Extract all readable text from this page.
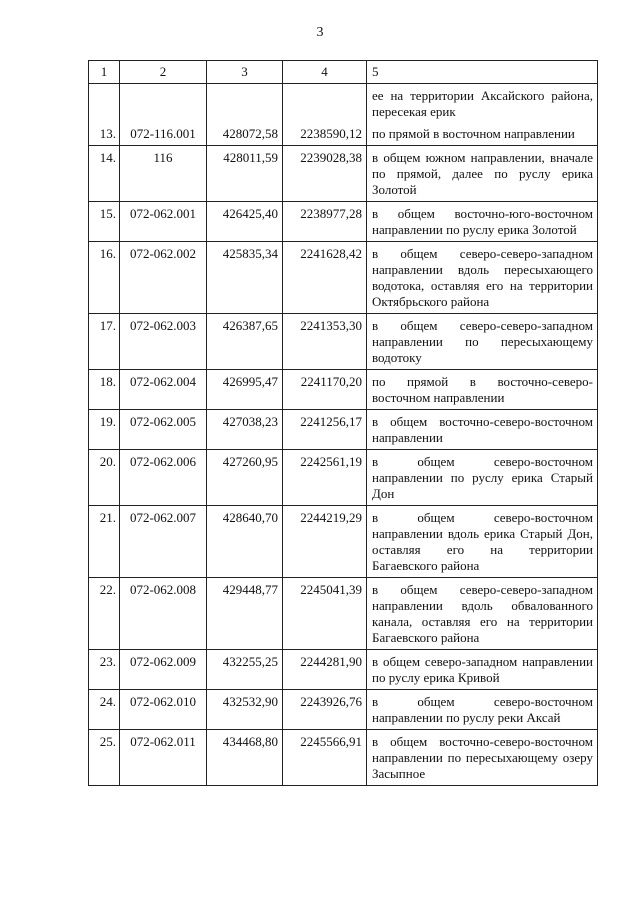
3
1	2	3	4	5
				ее на территории Аксайского района, пересекая ерик
13.	072-116.001	428072,58	2238590,12	по прямой в восточном направлении
14.	116	428011,59	2239028,38	в общем южном направлении, вначале по прямой, далее по руслу ерика Золотой
15.	072-062.001	426425,40	2238977,28	в общем восточно-юго-восточном направлении по руслу ерика Золотой
16.	072-062.002	425835,34	2241628,42	в общем северо-северо-западном направлении вдоль пересыхающего водотока, оставляя его на территории Октябрьского района
17.	072-062.003	426387,65	2241353,30	в общем северо-северо-западном направлении по пересыхающему водотоку
18.	072-062.004	426995,47	2241170,20	по прямой в восточно-северо-восточном направлении
19.	072-062.005	427038,23	2241256,17	в общем восточно-северо-восточном направлении
20.	072-062.006	427260,95	2242561,19	в общем северо-восточном направлении по руслу ерика Старый Дон
21.	072-062.007	428640,70	2244219,29	в общем северо-восточном направлении вдоль ерика Старый Дон, оставляя его на территории Багаевского района
22.	072-062.008	429448,77	2245041,39	в общем северо-северо-западном направлении вдоль обвалованного канала, оставляя его на территории Багаевского района
23.	072-062.009	432255,25	2244281,90	в общем северо-западном направлении по руслу ерика Кривой
24.	072-062.010	432532,90	2243926,76	в общем северо-восточном направлении по руслу реки Аксай
25.	072-062.011	434468,80	2245566,91	в общем восточно-северо-восточном направлении по пересыхающему озеру Засыпное
